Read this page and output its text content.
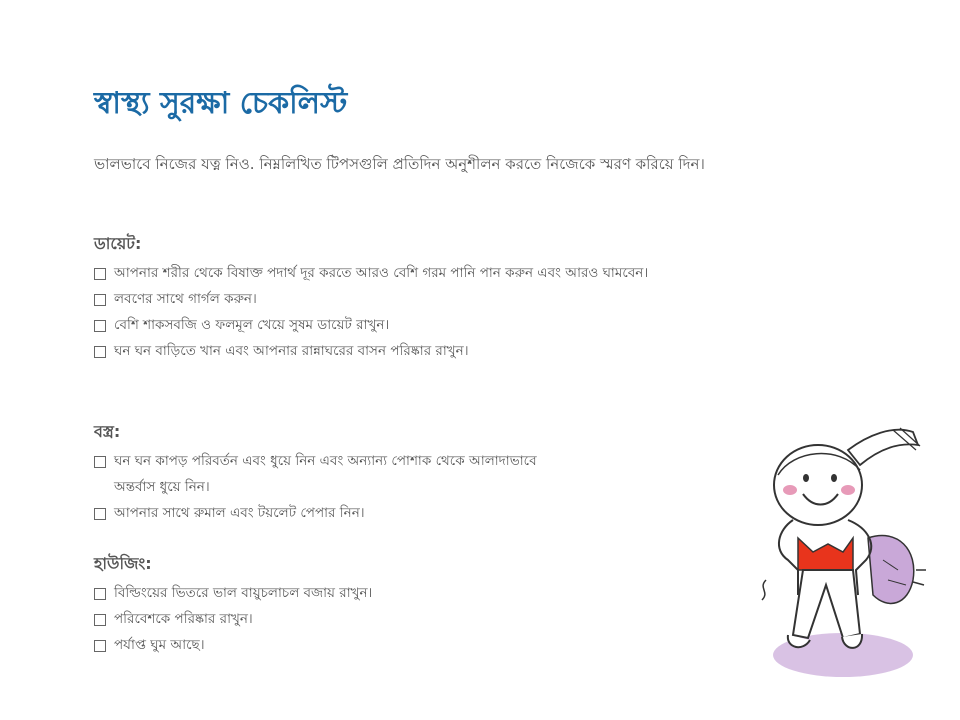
স্বাস্থ্য সুরক্ষা চেকলিস্ট

ভালভাবে নিজের যত্ন নিও. নিম্নলিখিত টিপসগুলি প্রতিদিন অনুশীলন করতে নিজেকে স্মরণ করিয়ে দিন।

ডায়েট:
আপনার শরীর থেকে বিষাক্ত পদার্থ দূর করতে আরও বেশি গরম পানি পান করুন এবং আরও ঘামবেন।
লবণের সাথে গার্গল করুন।
বেশি শাকসবজি ও ফলমূল খেয়ে সুষম ডায়েট রাখুন।
ঘন ঘন বাড়িতে খান এবং আপনার রান্নাঘরের বাসন পরিষ্কার রাখুন।
বস্ত্র:
ঘন ঘন কাপড় পরিবর্তন এবং ধুয়ে নিন এবং অন্যান্য পোশাক থেকে আলাদাভাবে অন্তর্বাস ধুয়ে নিন।
আপনার সাথে রুমাল এবং টয়লেট পেপার নিন।
হাউজিং:
বিল্ডিংয়ের ভিতরে ভাল বায়ুচলাচল বজায় রাখুন।
পরিবেশকে পরিষ্কার রাখুন।
পর্যাপ্ত ঘুম আছে।
